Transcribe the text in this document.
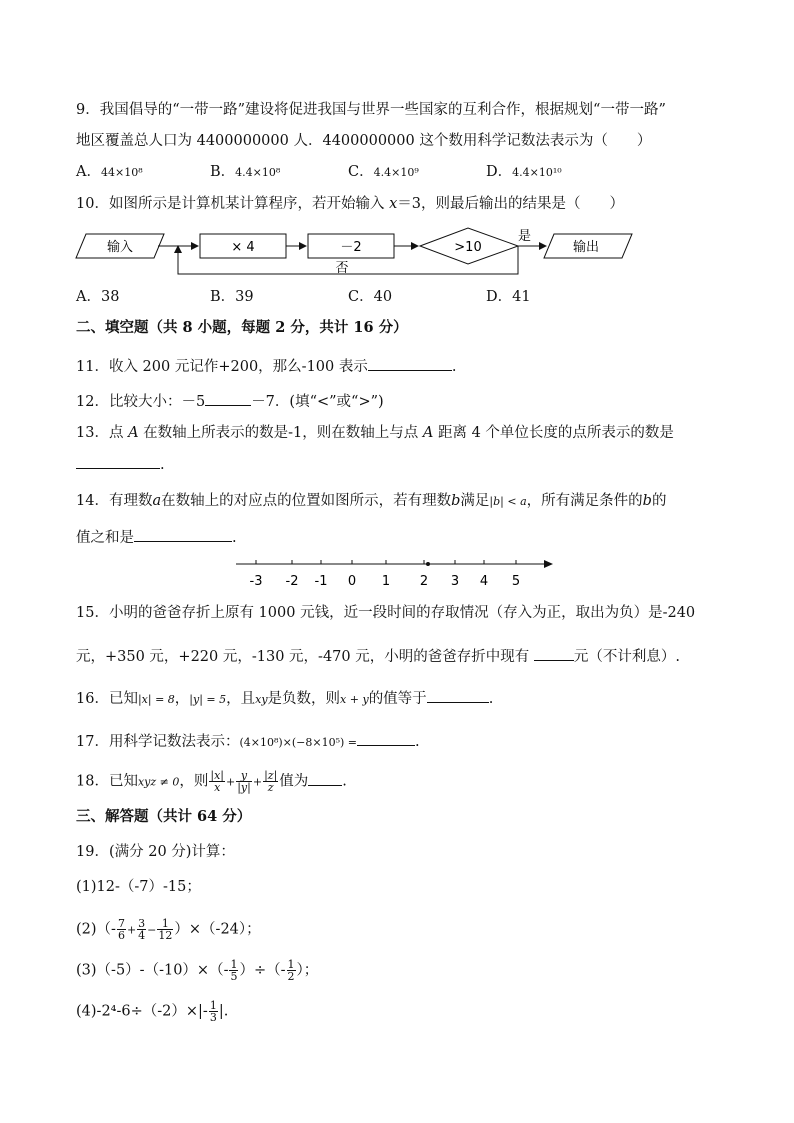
9．我国倡导的“一带一路”建设将促进我国与世界一些国家的互利合作，根据规划“一带一路”
地区覆盖总人口为 4400000000 人．4400000000 这个数用科学记数法表示为（　　）
A．44×10⁸	B．4.4×10⁸	C．4.4×10⁹	D．4.4×10¹⁰
10．如图所示是计算机某计算程序，若开始输入 x＝3，则最后输出的结果是（　　）
输入	× 4	－2	>10
是
输出
否
A．38	B．39	C．40	D．41
二、填空题（共 8 小题，每题 2 分，共计 16 分）
11．收入 200 元记作+200，那么-100 表示	.
12．比较大小：－5	－7．(填“<”或“>”)
13．点 A 在数轴上所表示的数是-1，则在数轴上与点 A 距离 4 个单位长度的点所表示的数是
.
14．有理数a在数轴上的对应点的位置如图所示，若有理数b满足|b| < a，所有满足条件的b的
值之和是	.
-3 -2 -1 0 1 2 3 4 5
15．小明的爸爸存折上原有 1000 元钱，近一段时间的存取情况（存入为正，取出为负）是-240
元，+350 元，+220 元，-130 元，-470 元，小明的爸爸存折中现有	元（不计利息）.
16．已知|x| = 8，|y| = 5，且xy是负数，则x + y的值等于	.
17．用科学记数法表示：(4×10⁸)×(−8×10⁵) =	.
18．已知xyz ≠ 0，则 $\frac{|x|}{x} + \frac{y}{|y|} + \frac{|z|}{z}$ 值为 .
三、解答题（共计 64 分）
19．(满分 20 分)计算：
(1)12-（-7）-15；
$(2)(- \frac{7}{6} + \frac{3}{4} - \frac{1}{12} )\times(-24)$；
$(3)(-5)-(-10)\times(- \frac{1}{5}$ ）÷（- $\frac{1}{2}$ ）；
$(4)-2^4-6\div(-2)\times|- \frac{1}{3}$ |.
